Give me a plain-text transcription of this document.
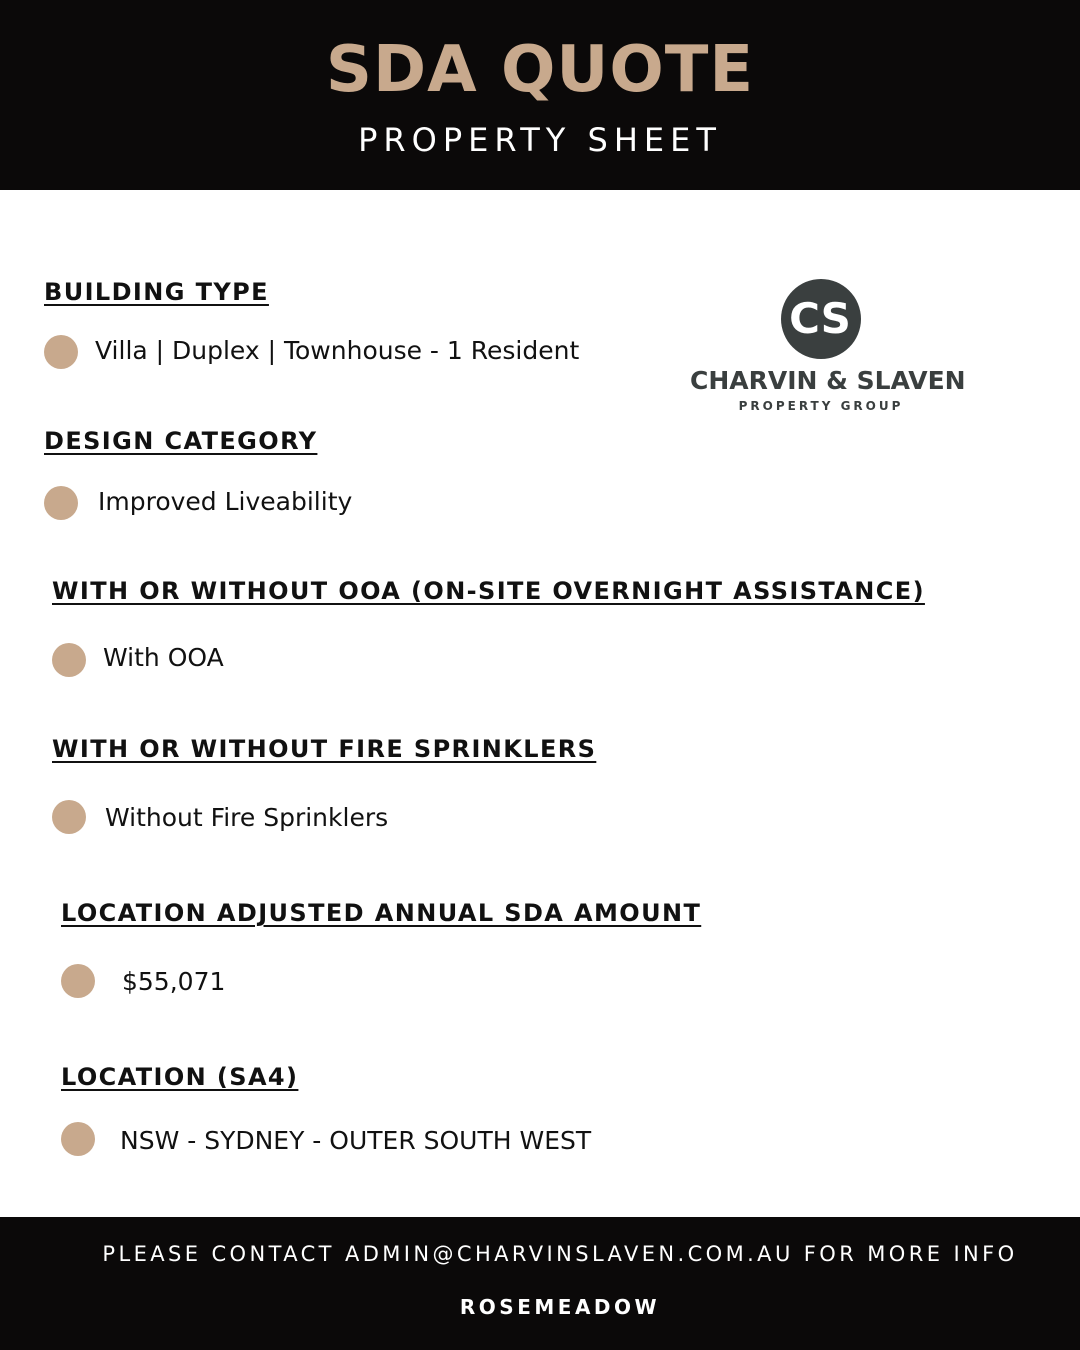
SDA QUOTE
PROPERTY SHEET
CS
CHARVIN & SLAVEN
PROPERTY GROUP
BUILDING TYPE
Villa | Duplex | Townhouse - 1 Resident
DESIGN CATEGORY
Improved Liveability
WITH OR WITHOUT OOA (ON-SITE OVERNIGHT ASSISTANCE)
With OOA
WITH OR WITHOUT FIRE SPRINKLERS
Without Fire Sprinklers
LOCATION ADJUSTED ANNUAL SDA AMOUNT
$55,071
LOCATION (SA4)
NSW - SYDNEY - OUTER SOUTH WEST
PLEASE CONTACT ADMIN@CHARVINSLAVEN.COM.AU FOR MORE INFO
ROSEMEADOW
